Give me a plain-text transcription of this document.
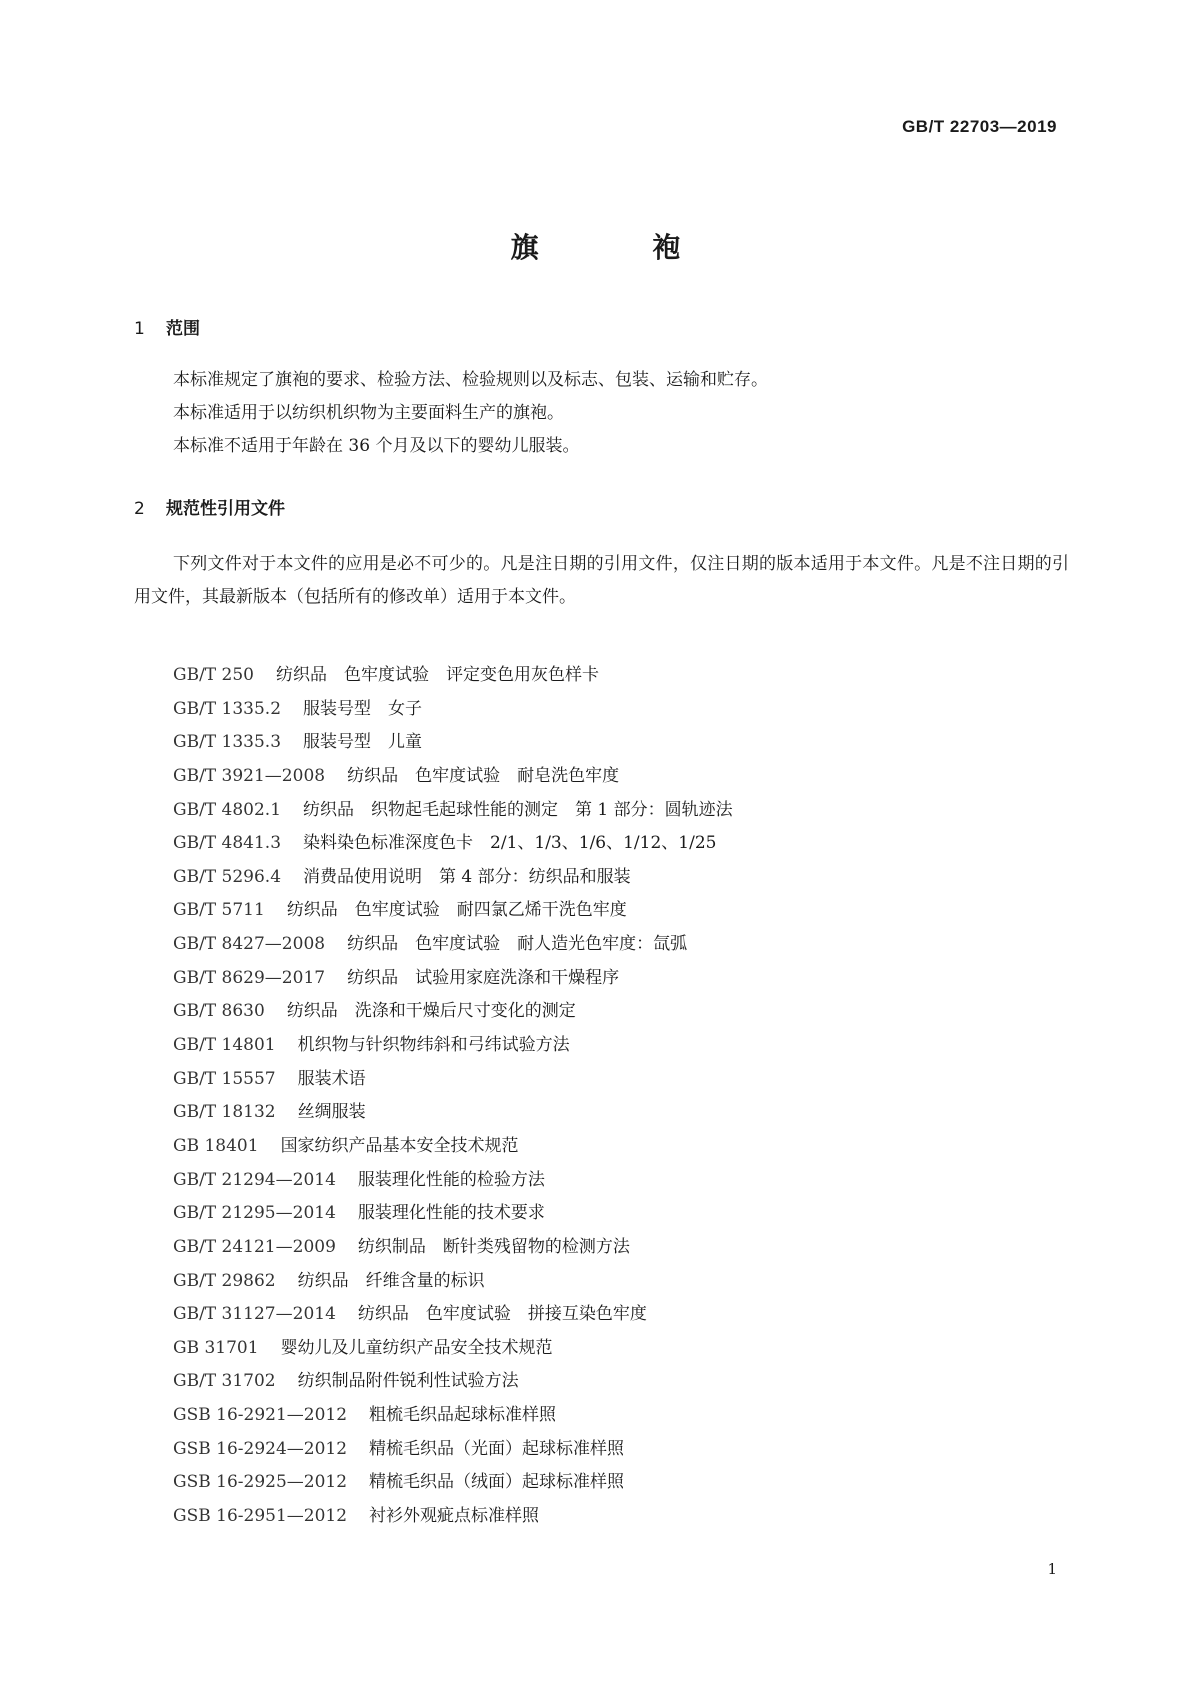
GB/T 22703—2019
旗 袍
1 范围

本标准规定了旗袍的要求、检验方法、检验规则以及标志、包装、运输和贮存。

本标准适用于以纺织机织物为主要面料生产的旗袍。

本标准不适用于年龄在 36 个月及以下的婴幼儿服装。

2 规范性引用文件

下列文件对于本文件的应用是必不可少的。凡是注日期的引用文件，仅注日期的版本适用于本文件。凡是不注日期的引用文件，其最新版本（包括所有的修改单）适用于本文件。

GB/T 250 纺织品　色牢度试验　评定变色用灰色样卡
GB/T 1335.2 服装号型　女子
GB/T 1335.3 服装号型　儿童
GB/T 3921—2008 纺织品　色牢度试验　耐皂洗色牢度
GB/T 4802.1 纺织品　织物起毛起球性能的测定　第 1 部分：圆轨迹法
GB/T 4841.3 染料染色标准深度色卡　2/1、1/3、1/6、1/12、1/25
GB/T 5296.4 消费品使用说明　第 4 部分：纺织品和服装
GB/T 5711 纺织品　色牢度试验　耐四氯乙烯干洗色牢度
GB/T 8427—2008 纺织品　色牢度试验　耐人造光色牢度：氙弧
GB/T 8629—2017 纺织品　试验用家庭洗涤和干燥程序
GB/T 8630 纺织品　洗涤和干燥后尺寸变化的测定
GB/T 14801 机织物与针织物纬斜和弓纬试验方法
GB/T 15557 服装术语
GB/T 18132 丝绸服装
GB 18401 国家纺织产品基本安全技术规范
GB/T 21294—2014 服装理化性能的检验方法
GB/T 21295—2014 服装理化性能的技术要求
GB/T 24121—2009 纺织制品　断针类残留物的检测方法
GB/T 29862 纺织品　纤维含量的标识
GB/T 31127—2014 纺织品　色牢度试验　拼接互染色牢度
GB 31701 婴幼儿及儿童纺织产品安全技术规范
GB/T 31702 纺织制品附件锐利性试验方法
GSB 16-2921—2012 粗梳毛织品起球标准样照
GSB 16-2924—2012 精梳毛织品（光面）起球标准样照
GSB 16-2925—2012 精梳毛织品（绒面）起球标准样照
GSB 16-2951—2012 衬衫外观疵点标准样照
1
